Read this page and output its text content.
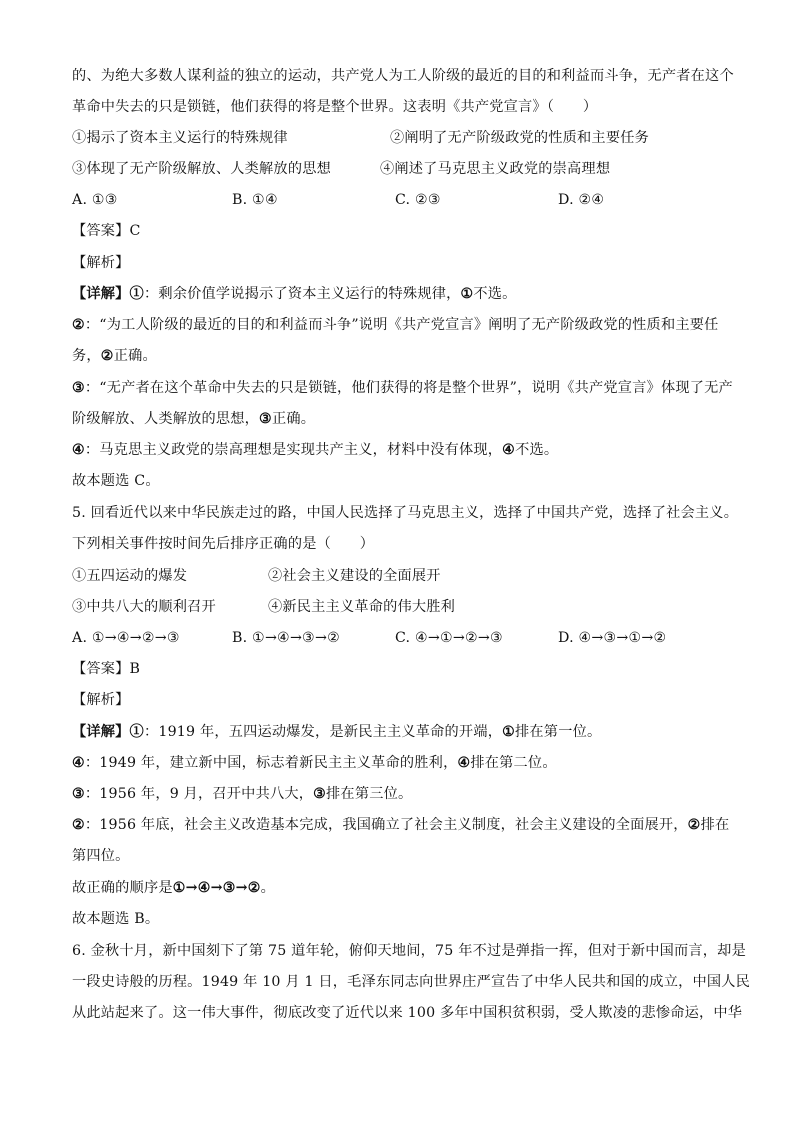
的、为绝大多数人谋利益的独立的运动，共产党人为工人阶级的最近的目的和利益而斗争，无产者在这个
革命中失去的只是锁链，他们获得的将是整个世界。这表明《共产党宣言》（　　）
①揭示了资本主义运行的特殊规律	②阐明了无产阶级政党的性质和主要任务
③体现了无产阶级解放、人类解放的思想	④阐述了马克思主义政党的崇高理想
A. ①③	B. ①④	C. ②③	D. ②④
【答案】C
【解析】
【详解】①：剩余价值学说揭示了资本主义运行的特殊规律，①不选。
②：“为工人阶级的最近的目的和利益而斗争”说明《共产党宣言》阐明了无产阶级政党的性质和主要任
务，②正确。
③：“无产者在这个革命中失去的只是锁链，他们获得的将是整个世界”，说明《共产党宣言》体现了无产
阶级解放、人类解放的思想，③正确。
④：马克思主义政党的崇高理想是实现共产主义，材料中没有体现，④不选。
故本题选 C。
5. 回看近代以来中华民族走过的路，中国人民选择了马克思主义，选择了中国共产党，选择了社会主义。
下列相关事件按时间先后排序正确的是（　　）
①五四运动的爆发	②社会主义建设的全面展开
③中共八大的顺利召开	④新民主主义革命的伟大胜利
A. ①→④→②→③	B. ①→④→③→②	C. ④→①→②→③	D. ④→③→①→②
【答案】B
【解析】
【详解】①：1919 年，五四运动爆发，是新民主主义革命的开端，①排在第一位。
④：1949 年，建立新中国，标志着新民主主义革命的胜利，④排在第二位。
③：1956 年，9 月，召开中共八大，③排在第三位。
②：1956 年底，社会主义改造基本完成，我国确立了社会主义制度，社会主义建设的全面展开，②排在
第四位。
故正确的顺序是①→④→③→②。
故本题选 B。
6. 金秋十月，新中国刻下了第 75 道年轮，俯仰天地间，75 年不过是弹指一挥，但对于新中国而言，却是
一段史诗般的历程。1949 年 10 月 1 日，毛泽东同志向世界庄严宣告了中华人民共和国的成立，中国人民
从此站起来了。这一伟大事件，彻底改变了近代以来 100 多年中国积贫积弱，受人欺凌的悲惨命运，中华
